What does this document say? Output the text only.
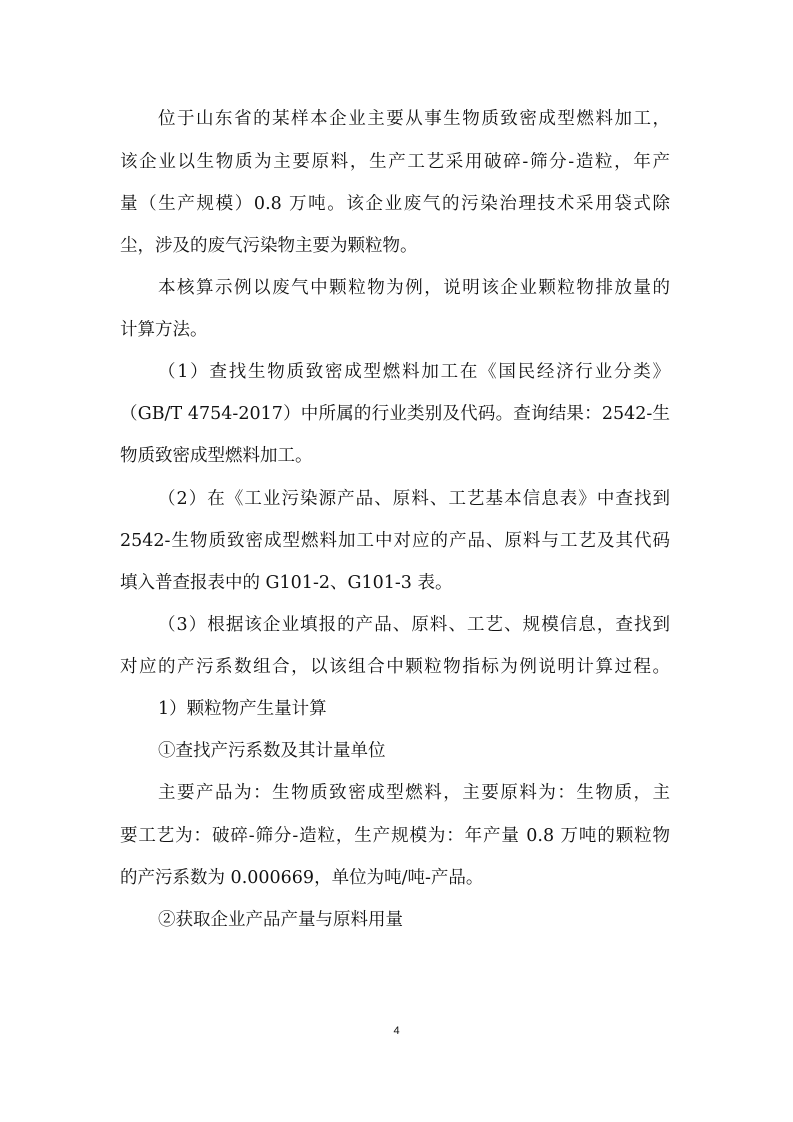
位于山东省的某样本企业主要从事生物质致密成型燃料加工，
该企业以生物质为主要原料，生产工艺采用破碎-筛分-造粒，年产
量（生产规模）0.8 万吨。该企业废气的污染治理技术采用袋式除
尘，涉及的废气污染物主要为颗粒物。
本核算示例以废气中颗粒物为例，说明该企业颗粒物排放量的
计算方法。
（1）查找生物质致密成型燃料加工在《国民经济行业分类》
（GB/T 4754-2017）中所属的行业类别及代码。查询结果：2542-生
物质致密成型燃料加工。
（2）在《工业污染源产品、原料、工艺基本信息表》中查找到
2542-生物质致密成型燃料加工中对应的产品、原料与工艺及其代码
填入普查报表中的 G101-2、G101-3 表。
（3）根据该企业填报的产品、原料、工艺、规模信息，查找到
对应的产污系数组合，以该组合中颗粒物指标为例说明计算过程。
1）颗粒物产生量计算
①查找产污系数及其计量单位
主要产品为：生物质致密成型燃料，主要原料为：生物质，主
要工艺为：破碎-筛分-造粒，生产规模为：年产量 0.8 万吨的颗粒物
的产污系数为 0.000669，单位为吨/吨-产品。
②获取企业产品产量与原料用量
4
